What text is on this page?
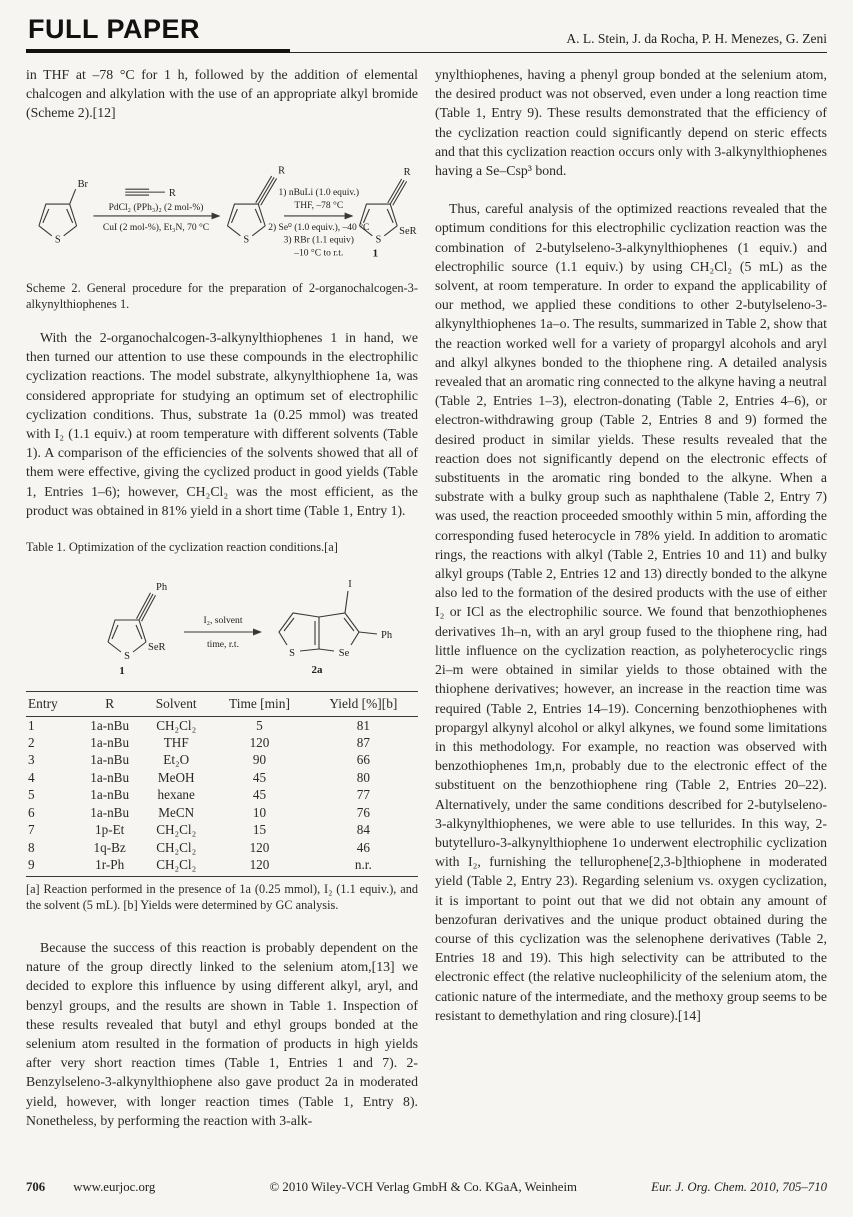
FULL PAPER	A. L. Stein, J. da Rocha, P. H. Menezes, G. Zeni

in THF at –78 °C for 1 h, followed by the addition of elemental chalcogen and alkylation with the use of an appropriate alkyl bromide (Scheme 2).[12]

S
Br
R
PdCl₂ (PPh₃)₂ (2 mol-%)
CuI (2 mol-%), Et₃N, 70 °C
S
R
1) nBuLi (1.0 equiv.)
THF, –78 °C
2) Se⁰ (1.0 equiv.), –40 °C
3) RBr (1.1 equiv)
–10 °C to r.t.
S
R
SeR
1
Scheme 2. General procedure for the preparation of 2-organochalcogen-3-alkynylthiophenes 1.

With the 2-organochalcogen-3-alkynylthiophenes 1 in hand, we then turned our attention to use these compounds in the electrophilic cyclization reactions. The model substrate, alkynylthiophene 1a, was considered appropriate for studying an optimum set of electrophilic cyclization conditions. Thus, substrate 1a (0.25 mmol) was treated with I₂ (1.1 equiv.) at room temperature with different solvents (Table 1). A comparison of the efficiencies of the solvents showed that all of them were effective, giving the cyclized product in good yields (Table 1, Entries 1–6); however, CH₂Cl₂ was the most efficient, as the product was obtained in 81% yield in a short time (Table 1, Entry 1).

Table 1. Optimization of the cyclization reaction conditions.[a]
S
Ph
SeR
1
I₂, solvent
time, r.t.
S	Se
I
Ph
2a
Entry	R	Solvent	Time [min]	Yield [%][b]
1	1a-nBu	CH₂Cl₂	5	81
2	1a-nBu	THF	120	87
3	1a-nBu	Et₂O	90	66
4	1a-nBu	MeOH	45	80
5	1a-nBu	hexane	45	77
6	1a-nBu	MeCN	10	76
7	1p-Et	CH₂Cl₂	15	84
8	1q-Bz	CH₂Cl₂	120	46
9	1r-Ph	CH₂Cl₂	120	n.r.
[a] Reaction performed in the presence of 1a (0.25 mmol), I₂ (1.1 equiv.), and the solvent (5 mL). [b] Yields were determined by GC analysis.

Because the success of this reaction is probably dependent on the nature of the group directly linked to the selenium atom,[13] we decided to explore this influence by using different alkyl, aryl, and benzyl groups, and the results are shown in Table 1. Inspection of these results revealed that butyl and ethyl groups bonded at the selenium atom resulted in the formation of products in high yields after very short reaction times (Table 1, Entries 1 and 7). 2-Benzylseleno-3-alkynylthiophene also gave product 2a in moderated yield, however, with longer reaction times (Table 1, Entry 8). Nonetheless, by performing the reaction with 3-alk-

ynylthiophenes, having a phenyl group bonded at the selenium atom, the desired product was not observed, even under a long reaction time (Table 1, Entry 9). These results demonstrated that the efficiency of the cyclization reaction could significantly depend on steric effects and that this cyclization reaction occurs only with 3-alkynylthiophenes having a Se–Csp³ bond.

Thus, careful analysis of the optimized reactions revealed that the optimum conditions for this electrophilic cyclization reaction was the combination of 2-butylseleno-3-alkynylthiophenes (1 equiv.) and electrophilic source (1.1 equiv.) by using CH₂Cl₂ (5 mL) as the solvent, at room temperature. In order to expand the applicability of our method, we applied these conditions to other 2-butylseleno-3-alkynylthiophenes 1a–o. The results, summarized in Table 2, show that the reaction worked well for a variety of propargyl alcohols and aryl and alkyl alkynes bonded to the thiophene ring. A detailed analysis revealed that an aromatic ring connected to the alkyne having a neutral (Table 2, Entries 1–3), electron-donating (Table 2, Entries 4–6), or electron-withdrawing group (Table 2, Entries 8 and 9) formed the desired product in similar yields. These results revealed that the reaction does not significantly depend on the electronic effects of substituents in the aromatic ring bonded to the alkyne. When a substrate with a bulky group such as naphthalene (Table 2, Entry 7) was used, the reaction proceeded smoothly within 5 min, affording the corresponding fused heterocycle in 78% yield. In addition to aromatic rings, the reactions with alkyl (Table 2, Entries 10 and 11) and bulky alkyl groups (Table 2, Entries 12 and 13) directly bonded to the alkyne also led to the formation of the desired products with the use of either I₂ or ICl as the electrophilic source. We found that benzothiophenes derivatives 1h–n, with an aryl group fused to the thiophene ring, had little influence on the cyclization reaction, as polyheterocyclic rings 2i–m were obtained in similar yields to those obtained with the thiophene derivatives; however, an increase in the reaction time was required (Table 2, Entries 14–19). Concerning benzothiophenes with propargyl alkynyl alcohol or alkyl alkynes, we found some limitations in this methodology. For example, no reaction was observed with benzothiophenes 1m,n, probably due to the electronic effect of the substituent on the benzothiophene ring (Table 2, Entries 20–22). Alternatively, under the same conditions described for 2-butylseleno-3-alkynylthiophenes, we were able to use tellurides. In this way, 2-butytelluro-3-alkynylthiophene 1o underwent electrophilic cyclization with I₂, furnishing the tellurophene[2,3-b]thiophene in moderated yield (Table 2, Entry 23). Regarding selenium vs. oxygen cyclization, it is important to point out that we did not obtain any amount of benzofuran derivatives and the unique product obtained during the course of this cyclization was the selenophene derivatives (Table 2, Entries 18 and 19). This high selectivity can be attributed to the electronic effect (the relative nucleophilicity of the selenium atom, the cationic nature of the intermediate, and the methoxy group seems to be resistant to demethylation and ring closure).[14]

706 www.eurjoc.org	© 2010 Wiley-VCH Verlag GmbH & Co. KGaA, Weinheim	Eur. J. Org. Chem. 2010, 705–710
